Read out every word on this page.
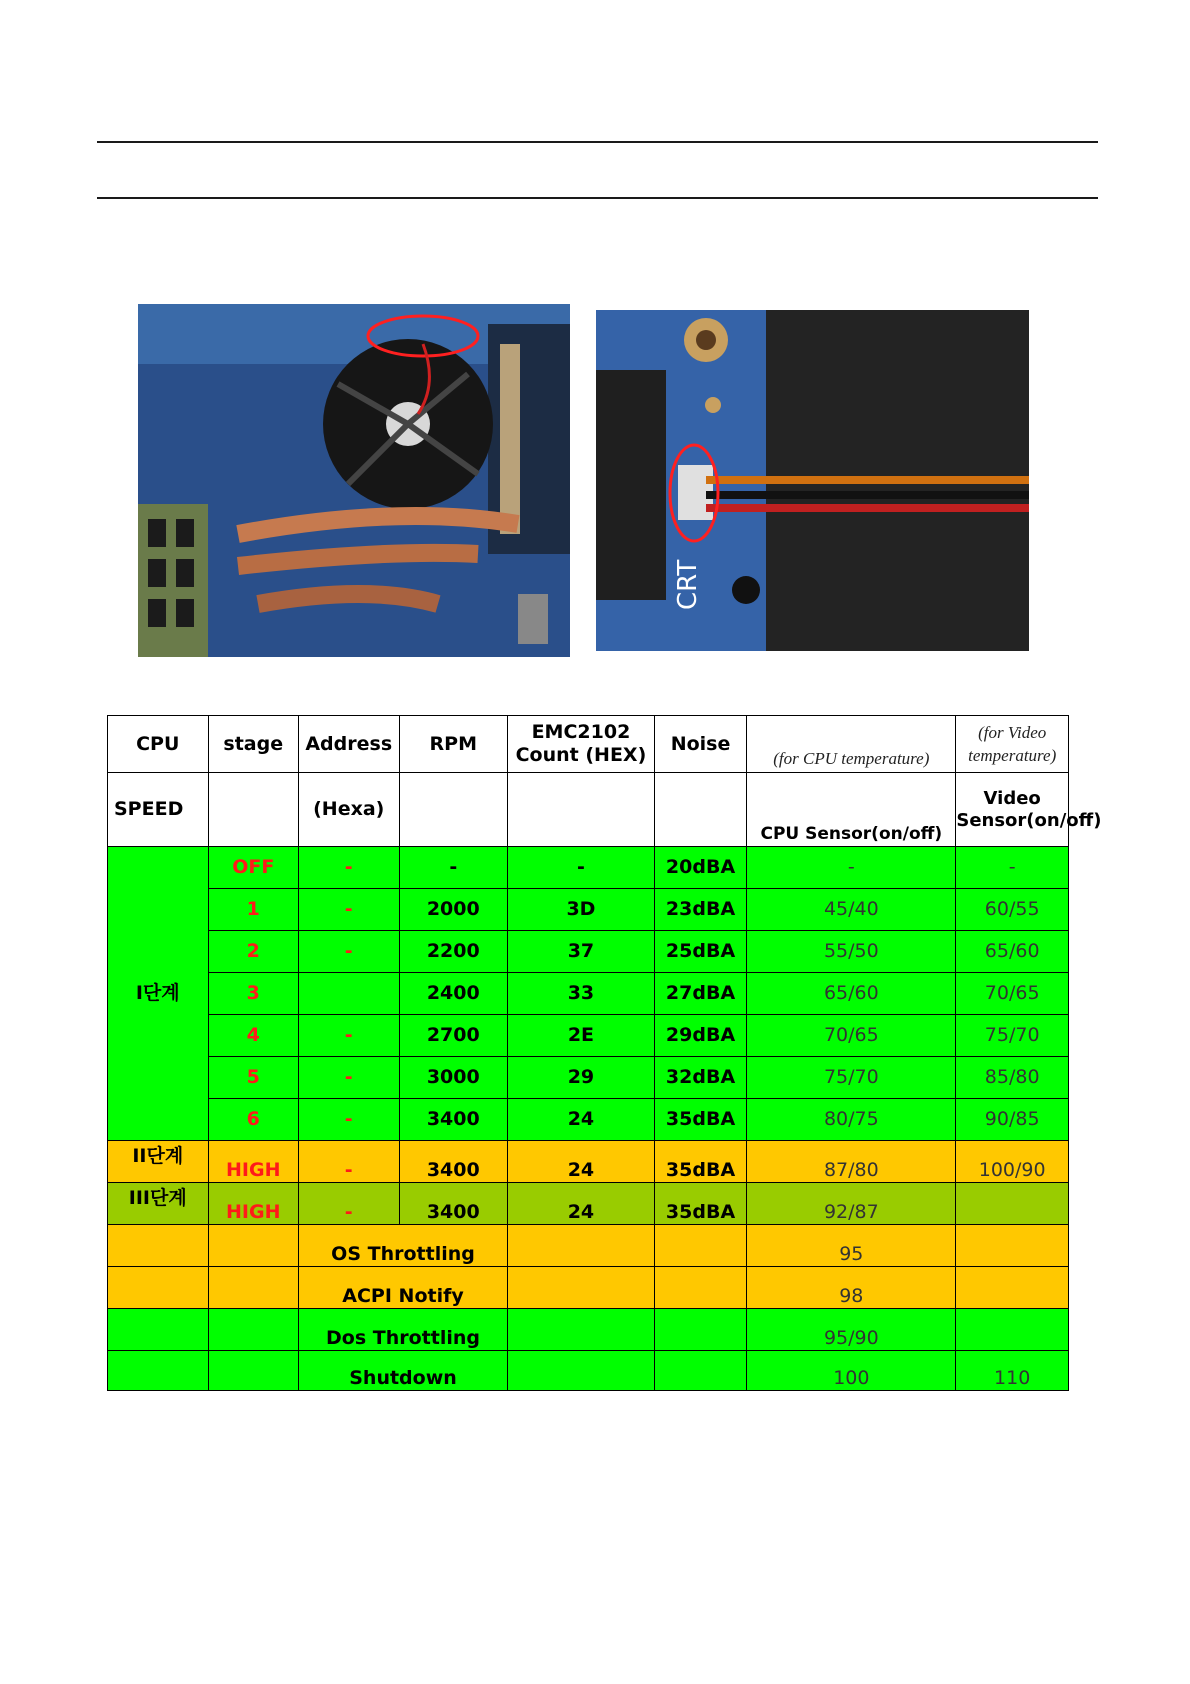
CRT
CPU	stage	Address	RPM	EMC2102 Count (HEX)	Noise	(for CPU temperature)	(for Video temperature)
SPEED		(Hexa)				CPU Sensor(on/off)	Video Sensor(on/off)
I단계	OFF	-	-	-	20dBA	-	-
	1	-	2000	3D	23dBA	45/40	60/55
	2	-	2200	37	25dBA	55/50	65/60
	3		2400	33	27dBA	65/60	70/65
	4	-	2700	2E	29dBA	70/65	75/70
	5	-	3000	29	32dBA	75/70	85/80
	6	-	3400	24	35dBA	80/75	90/85
II단계	HIGH	-	3400	24	35dBA	87/80	100/90
III단계	HIGH	-	3400	24	35dBA	92/87	
		OS Throttling				95	
		ACPI Notify				98	
		Dos Throttling				95/90	
		Shutdown				100	110
